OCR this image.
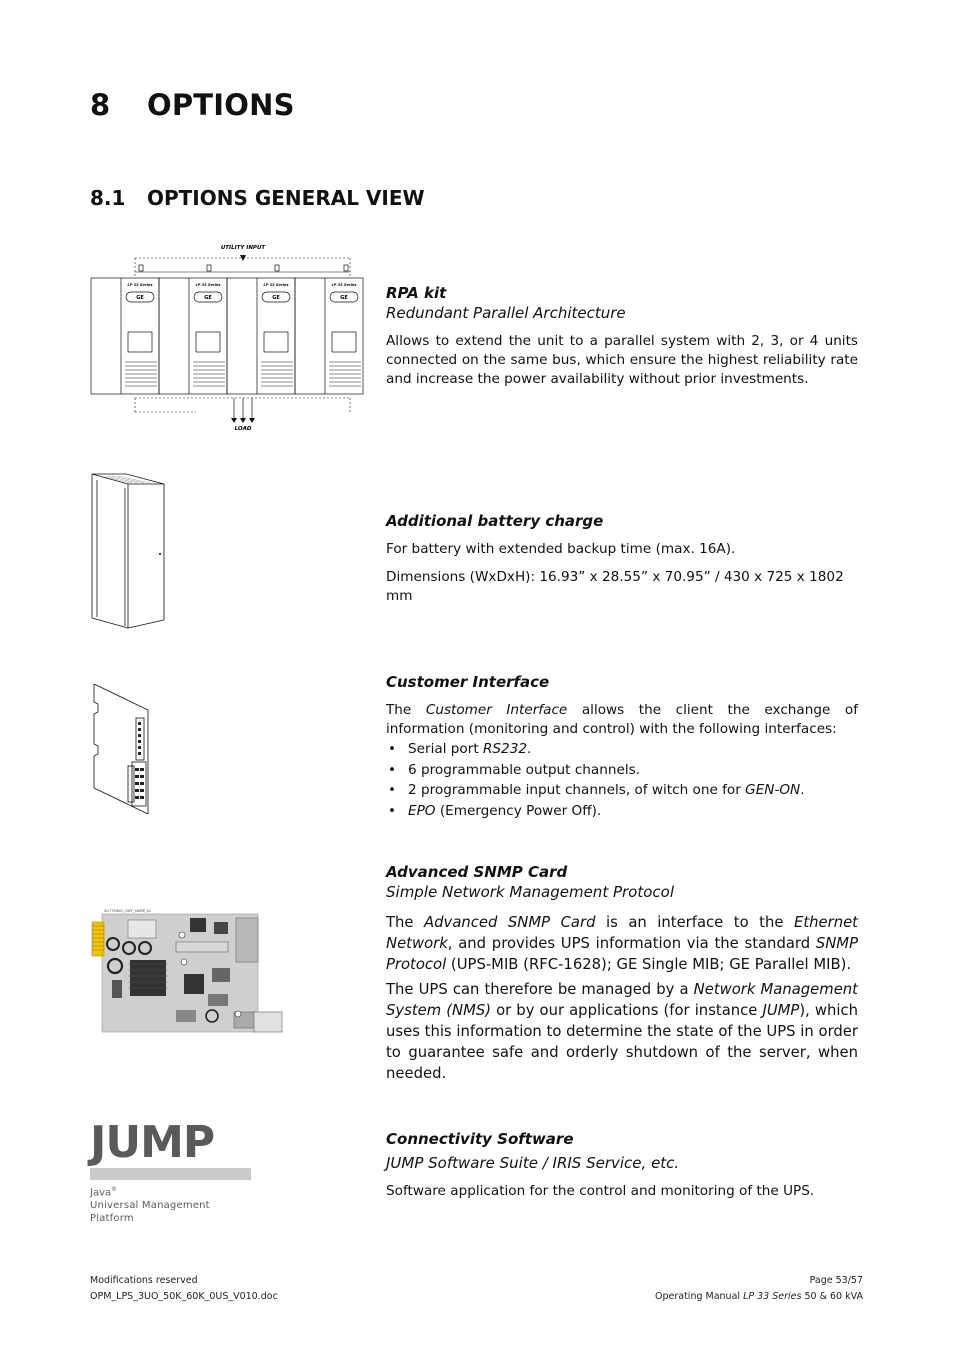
8 OPTIONS
8.1 OPTIONS GENERAL VIEW
UTILITY INPUT
LP 33 Series	LP 33 Series	LP 33 Series	LP 33 Series
GE	GE	GE	GE
LOAD
RPA kit
Redundant Parallel Architecture

Allows to extend the unit to a parallel system with 2, 3, or 4 units connected on the same bus, which ensure the highest reliability rate and increase the power availability without prior investments.

Additional battery charge

For battery with extended backup time (max. 16A).

Dimensions (WxDxH): 16.93” x 28.55” x 70.95” / 430 x 725 x 1802 mm

Customer Interface

The Customer Interface allows the client the exchange of information (monitoring and control) with the following interfaces:

• Serial port RS232.
• 6 programmable output channels.
• 2 programmable input channels, of witch one for GEN-ON.
• EPO (Emergency Power Off).
SG7T4000_CWT_SNMP_01
Advanced SNMP Card
Simple Network Management Protocol

The Advanced SNMP Card is an interface to the Ethernet Network, and provides UPS information via the standard SNMP Protocol (UPS-MIB (RFC-1628); GE Single MIB; GE Parallel MIB).

The UPS can therefore be managed by a Network Management System (NMS) or by our applications (for instance JUMP), which uses this information to determine the state of the UPS in order to guarantee safe and orderly shutdown of the server, when needed.

JUMP
Java®
Universal Management Platform
Connectivity Software
JUMP Software Suite / IRIS Service, etc.

Software application for the control and monitoring of the UPS.

Modifications reserved
OPM_LPS_3UO_50K_60K_0US_V010.doc
Page 53/57
Operating Manual LP 33 Series 50 & 60 kVA
